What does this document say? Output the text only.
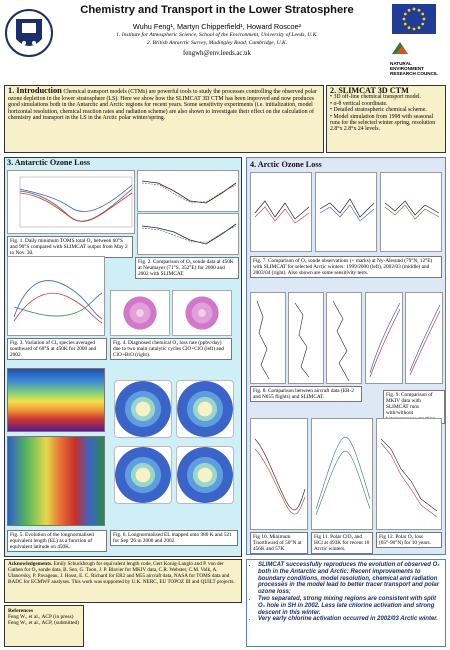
Chemistry and Transport in the Lower Stratosphere
Wuhu Feng¹, Martyn Chipperfield¹, Howard Roscoe²
1. Institute for Atmospheric Science, School of the Environment, University of Leeds, U.K.
2. British Antarctic Survey, Madingley Road, Cambridge, U.K.
fengwh@env.leeds.ac.uk
NATURAL
ENVIRONMENT
RESEARCH COUNCIL
1. Introduction Chemical transport models (CTMs) are powerful tools to study the processes controlling the observed polar ozone depletion in the lower stratosphere (LS). Here we show how the SLIMCAT 3D CTM has been improved and now produces good simulations both in the Antarctic and Arctic regions for recent years. Some sensitivity experiments (i.e. initialization, model horizontal resolution, chemical reaction rates and radiation scheme) are also shown to investigate their effect on the calculation of chemistry and transport in the LS in the Arctic polar winter/spring.
2. SLIMCAT 3D CTM
• 3D off-line chemical transport model.
• σ-θ vertical coordinate.
• Detailed stratospheric chemical scheme.
• Model simulation from 1998 with seasonal runs for the selected winter spring, resolution 2.8°x 2.8°x 24 levels.
3. Antarctic Ozone Loss
Fig. 1. Daily minimum TOMS total O₃ between 60°S and 90°S compared with SLIMCAT output from May 2 to Nov. 30.
Fig. 2. Comparison of O₃ sonde data at 450K at Neumayer (71°S, 352°E) for 2000 and 2002 with SLIMCAT.
Fig. 3. Variation of Clₓ species averaged southward of 60°S at 450K for 2000 and 2002.
Fig. 4. Diagnosed chemical O₃ loss rate (ppbv/day) due to two main catalytic cycles ClO+ClO (left) and ClO+BrO (right).
Fig. 5. Evolution of the longnormalised equivalent length (EL) as a function of equivalent latitude on 450K.
Fig. 6. Longnormalised EL mapped onto 380 K and 521 for Sep '26 in 2000 and 2002.
4. Arctic Ozone Loss
Fig. 7. Comparison of O₃ sonde observations (+ marks) at Ny-Alesund (79°N, 12°E) with SLIMCAT for selected Arctic winters: 1999/2000 (left), 2002/03 (middle) and 2003/04 (right). Also shown are some sensitivity tests.
Fig. 8. Comparison between aircraft data (ER-2 and N055 flights) and SLIMCAT.	Fig. 9. Comparison of MKIV data with SLIMCAT runs with/without
Fig 10. Minimum Tnorthward of 50°N at 456K and 57K.
Fig 11. Polar ClOₓ and HCl at 493K for recent 10 Arctic winters.
Fig 12. Polar O₃ loss (65°-90°N) for 10 years.
Acknowledgements. Emily Schuckbrugh for equivalent length code, Gert Konig-Langlo and P. von der Gathen for O₃ sonde data, B. Sen, G. Toon, J. P. Blavier for MKIV data, C.R. Webster, C.M. Volk, A. Ulanovsky, P. Pavageau, J. Hosst, E. C. Richard for ER2 and M55 aircraft data, NASA for TOMS data and BADC for ECMWF analyses. This work was supported by U.K. NERC, EU TOPOZ III and QUILT projects.
References
Feng W., et al., ACP (in press)
Feng W., et al., ACP, (submitted)
• SLIMCAT successfully reproduces the evolution of observed O₃ both in the Antarctic and Arctic: Recent improvements to boundary conditions, model resolution, chemical and radiation processes in the model lead to better tracer transport and polar ozone loss;
• Two separated, strong mixing regions are consistent with split O₃ hole in SH in 2002. Less late chlorine activation and strong descent in this winter.
• Very early chlorine activation occurred in 2002/03 Arctic winter.
